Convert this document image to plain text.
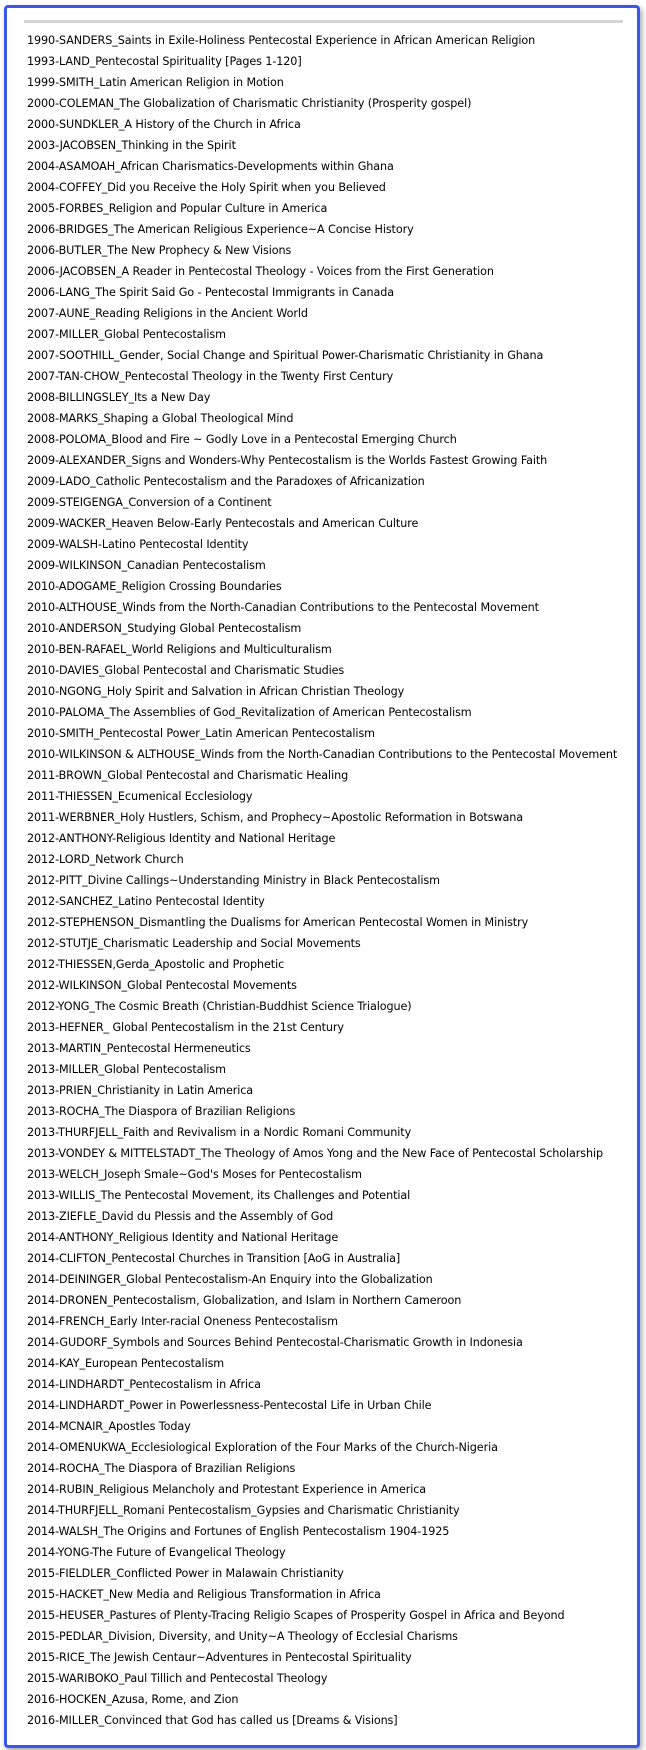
1990-SANDERS_Saints in Exile-Holiness Pentecostal Experience in African American Religion
1993-LAND_Pentecostal Spirituality [Pages 1-120]
1999-SMITH_Latin American Religion in Motion
2000-COLEMAN_The Globalization of Charismatic Christianity (Prosperity gospel)
2000-SUNDKLER_A History of the Church in Africa
2003-JACOBSEN_Thinking in the Spirit
2004-ASAMOAH_African Charismatics-Developments within Ghana
2004-COFFEY_Did you Receive the Holy Spirit when you Believed
2005-FORBES_Religion and Popular Culture in America
2006-BRIDGES_The American Religious Experience~A Concise History
2006-BUTLER_The New Prophecy & New Visions
2006-JACOBSEN_A Reader in Pentecostal Theology - Voices from the First Generation
2006-LANG_The Spirit Said Go - Pentecostal Immigrants in Canada
2007-AUNE_Reading Religions in the Ancient World
2007-MILLER_Global Pentecostalism
2007-SOOTHILL_Gender, Social Change and Spiritual Power-Charismatic Christianity in Ghana
2007-TAN-CHOW_Pentecostal Theology in the Twenty First Century
2008-BILLINGSLEY_Its a New Day
2008-MARKS_Shaping a Global Theological Mind
2008-POLOMA_Blood and Fire ~ Godly Love in a Pentecostal Emerging Church
2009-ALEXANDER_Signs and Wonders-Why Pentecostalism is the Worlds Fastest Growing Faith
2009-LADO_Catholic Pentecostalism and the Paradoxes of Africanization
2009-STEIGENGA_Conversion of a Continent
2009-WACKER_Heaven Below-Early Pentecostals and American Culture
2009-WALSH-Latino Pentecostal Identity
2009-WILKINSON_Canadian Pentecostalism
2010-ADOGAME_Religion Crossing Boundaries
2010-ALTHOUSE_Winds from the North-Canadian Contributions to the Pentecostal Movement
2010-ANDERSON_Studying Global Pentecostalism
2010-BEN-RAFAEL_World Religions and Multiculturalism
2010-DAVIES_Global Pentecostal and Charismatic Studies
2010-NGONG_Holy Spirit and Salvation in African Christian Theology
2010-PALOMA_The Assemblies of God_Revitalization of American Pentecostalism
2010-SMITH_Pentecostal Power_Latin American Pentecostalism
2010-WILKINSON & ALTHOUSE_Winds from the North-Canadian Contributions to the Pentecostal Movement
2011-BROWN_Global Pentecostal and Charismatic Healing
2011-THIESSEN_Ecumenical Ecclesiology
2011-WERBNER_Holy Hustlers, Schism, and Prophecy~Apostolic Reformation in Botswana
2012-ANTHONY-Religious Identity and National Heritage
2012-LORD_Network Church
2012-PITT_Divine Callings~Understanding Ministry in Black Pentecostalism
2012-SANCHEZ_Latino Pentecostal Identity
2012-STEPHENSON_Dismantling the Dualisms for American Pentecostal Women in Ministry
2012-STUTJE_Charismatic Leadership and Social Movements
2012-THIESSEN,Gerda_Apostolic and Prophetic
2012-WILKINSON_Global Pentecostal Movements
2012-YONG_The Cosmic Breath (Christian-Buddhist Science Trialogue)
2013-HEFNER_ Global Pentecostalism in the 21st Century
2013-MARTIN_Pentecostal Hermeneutics
2013-MILLER_Global Pentecostalism
2013-PRIEN_Christianity in Latin America
2013-ROCHA_The Diaspora of Brazilian Religions
2013-THURFJELL_Faith and Revivalism in a Nordic Romani Community
2013-VONDEY & MITTELSTADT_The Theology of Amos Yong and the New Face of Pentecostal Scholarship
2013-WELCH_Joseph Smale~God's Moses for Pentecostalism
2013-WILLIS_The Pentecostal Movement, its Challenges and Potential
2013-ZIEFLE_David du Plessis and the Assembly of God
2014-ANTHONY_Religious Identity and National Heritage
2014-CLIFTON_Pentecostal Churches in Transition [AoG in Australia]
2014-DEININGER_Global Pentecostalism-An Enquiry into the Globalization
2014-DRONEN_Pentecostalism, Globalization, and Islam in Northern Cameroon
2014-FRENCH_Early Inter-racial Oneness Pentecostalism
2014-GUDORF_Symbols and Sources Behind Pentecostal-Charismatic Growth in Indonesia
2014-KAY_European Pentecostalism
2014-LINDHARDT_Pentecostalism in Africa
2014-LINDHARDT_Power in Powerlessness-Pentecostal Life in Urban Chile
2014-MCNAIR_Apostles Today
2014-OMENUKWA_Ecclesiological Exploration of the Four Marks of the Church-Nigeria
2014-ROCHA_The Diaspora of Brazilian Religions
2014-RUBIN_Religious Melancholy and Protestant Experience in America
2014-THURFJELL_Romani Pentecostalism_Gypsies and Charismatic Christianity
2014-WALSH_The Origins and Fortunes of English Pentecostalism 1904-1925
2014-YONG-The Future of Evangelical Theology
2015-FIELDLER_Conflicted Power in Malawain Christianity
2015-HACKET_New Media and Religious Transformation in Africa
2015-HEUSER_Pastures of Plenty-Tracing Religio Scapes of Prosperity Gospel in Africa and Beyond
2015-PEDLAR_Division, Diversity, and Unity~A Theology of Ecclesial Charisms
2015-RICE_The Jewish Centaur~Adventures in Pentecostal Spirituality
2015-WARIBOKO_Paul Tillich and Pentecostal Theology
2016-HOCKEN_Azusa, Rome, and Zion
2016-MILLER_Convinced that God has called us [Dreams & Visions]
